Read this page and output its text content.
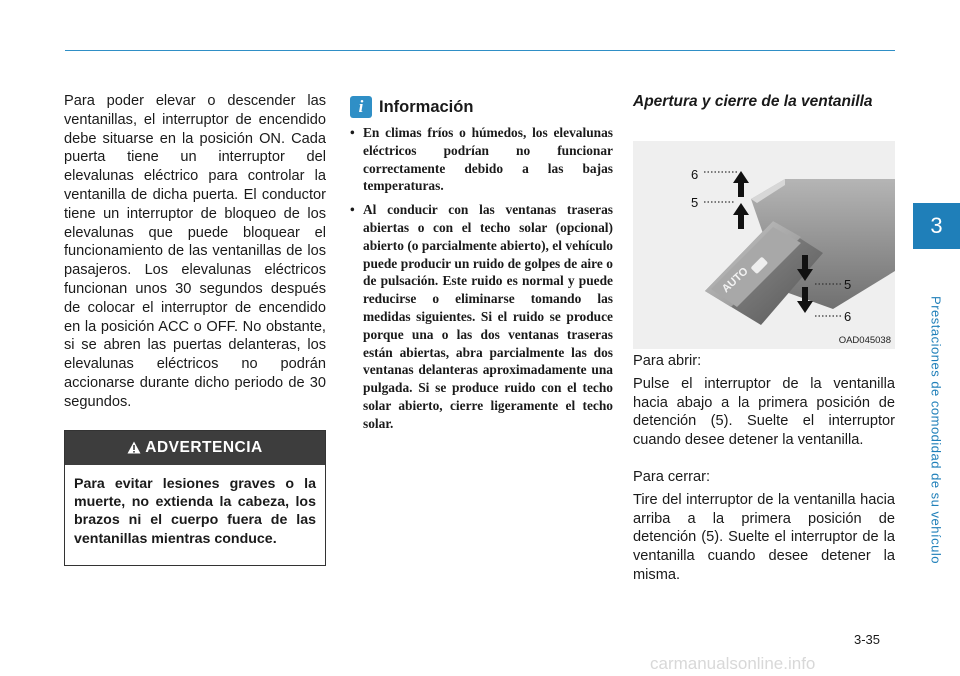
3
Prestaciones de comodidad de su vehículo
Para poder elevar o descender las ventanillas, el interruptor de encendido debe situarse en la posición ON. Cada puerta tiene un interruptor del elevalunas eléctrico para controlar la ventanilla de dicha puerta. El conductor tiene un interruptor de bloqueo de los elevalunas que puede bloquear el funcionamiento de las ventanillas de los pasajeros. Los elevalunas eléctricos funcionan unos 30 segundos después de colocar el interruptor de encendido en la posición ACC o OFF. No obstante, si se abren las puertas delanteras, los elevalunas eléctricos no podrán accionarse durante dicho periodo de 30 segundos.
ADVERTENCIA
Para evitar lesiones graves o la muerte, no extienda la cabeza, los brazos ni el cuerpo fuera de las ventanillas mientras conduce.
i Información
• En climas fríos o húmedos, los elevalunas eléctricos podrían no funcionar correctamente debido a las bajas temperaturas.
• Al conducir con las ventanas traseras abiertas o con el techo solar (opcional) abierto (o parcialmente abierto), el vehículo puede producir un ruido de golpes de aire o de pulsación. Este ruido es normal y puede reducirse o eliminarse tomando las medidas siguientes. Si el ruido se produce porque una o las dos ventanas traseras están abiertas, abra parcialmente las dos ventanas delanteras aproximadamente una pulgada. Si se produce ruido con el techo solar abierto, cierre ligeramente el techo solar.
Apertura y cierre de la ventanilla
AUTO
6
5
5
6
OAD045038

Para abrir:

Pulse el interruptor de la ventanilla hacia abajo a la primera posición de detención (5). Suelte el interruptor cuando desee detener la ventanilla.

Para cerrar:

Tire del interruptor de la ventanilla hacia arriba a la primera posición de detención (5). Suelte el interruptor de la ventanilla cuando desee detener la misma.

3-35
carmanualsonline.info
